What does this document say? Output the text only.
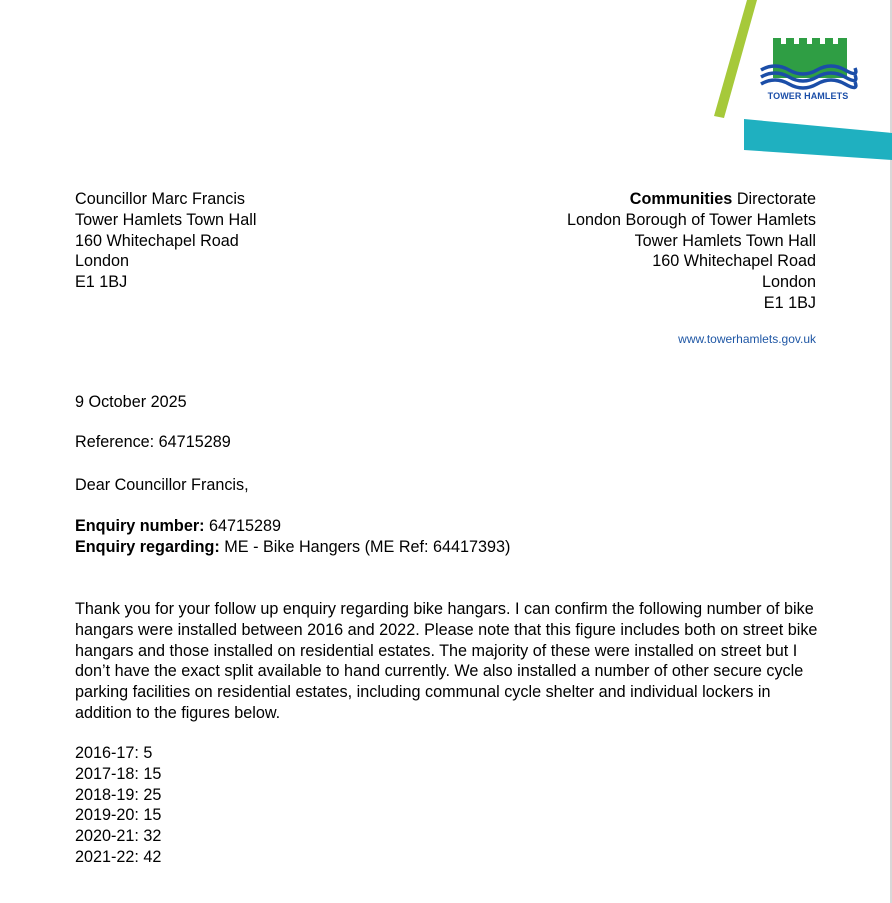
TOWER HAMLETS
Councillor Marc Francis
Tower Hamlets Town Hall
160 Whitechapel Road
London
E1 1BJ
Communities Directorate
London Borough of Tower Hamlets
Tower Hamlets Town Hall
160 Whitechapel Road
London
E1 1BJ
www.towerhamlets.gov.uk
9 October 2025
Reference: 64715289
Dear Councillor Francis,
Enquiry number: 64715289
Enquiry regarding: ME - Bike Hangers (ME Ref: 64417393)
Thank you for your follow up enquiry regarding bike hangars. I can confirm the following number of bike hangars were installed between 2016 and 2022. Please note that this figure includes both on street bike hangars and those installed on residential estates. The majority of these were installed on street but I don’t have the exact split available to hand currently. We also installed a number of other secure cycle parking facilities on residential estates, including communal cycle shelter and individual lockers in addition to the figures below.
2016-17: 5
2017-18: 15
2018-19: 25
2019-20: 15
2020-21: 32
2021-22: 42
